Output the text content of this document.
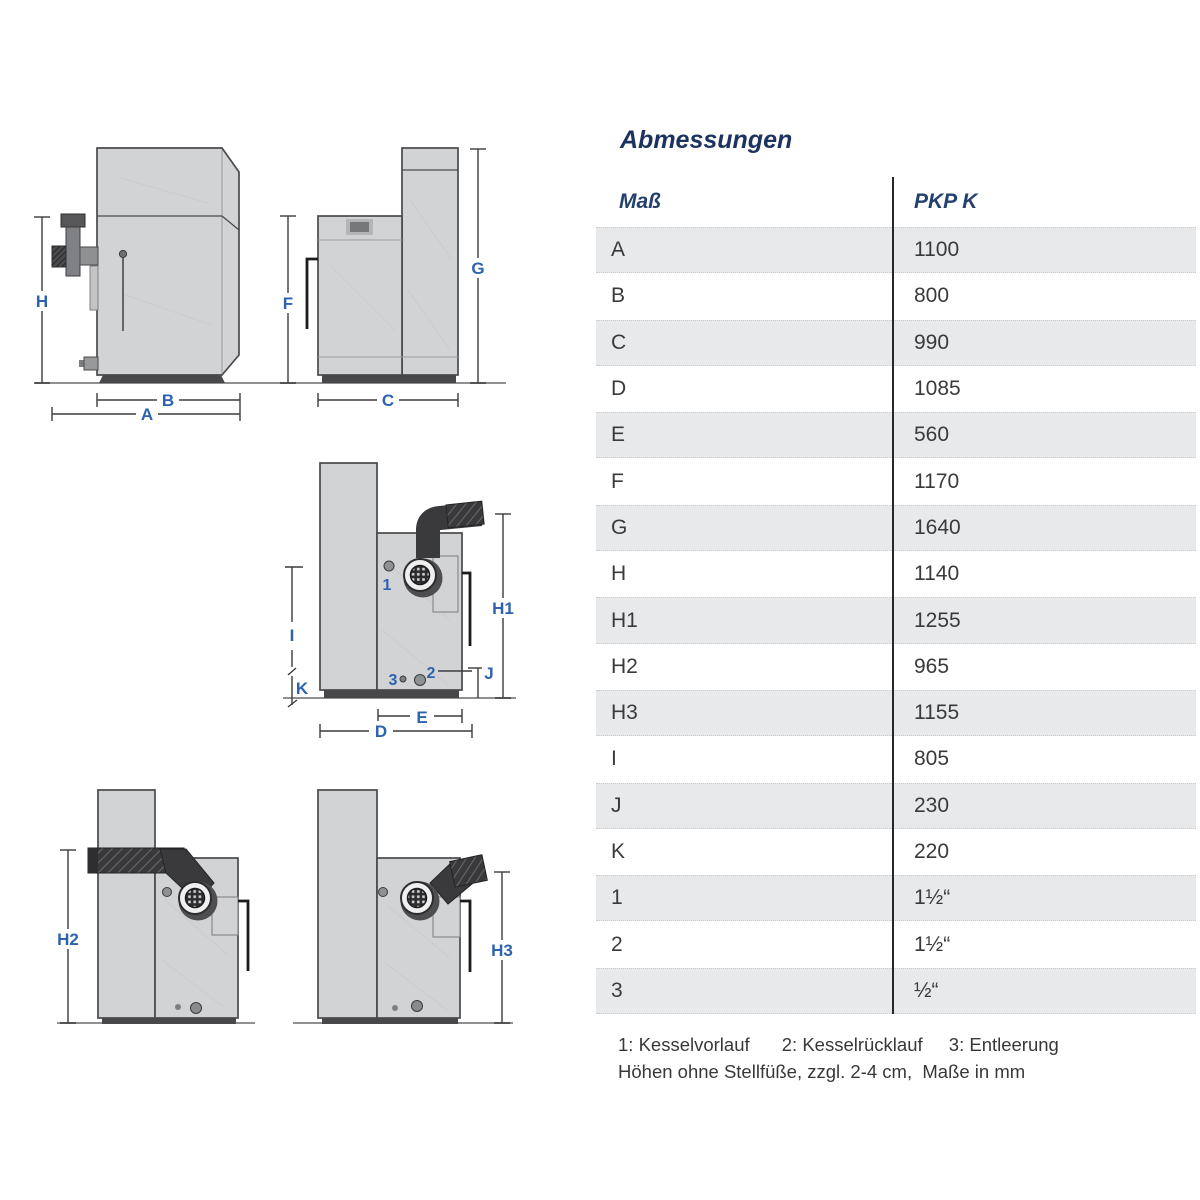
H
B
A
F
G
C
1
3 2
H1
J
I
K
E
D
H2
H3
Abmessungen
Maß	PKP K
A	1100
B	800
C	990
D	1085
E	560
F	1170
G	1640
H	1140
H1	1255
H2	965
H3	1155
I	805
J	230
K	220
1	1½“
2	1½“
3	½“
1: Kesselvorlauf 2: Kesselrücklauf 3: Entleerung
Höhen ohne Stellfüße, zzgl. 2-4 cm,  Maße in mm
